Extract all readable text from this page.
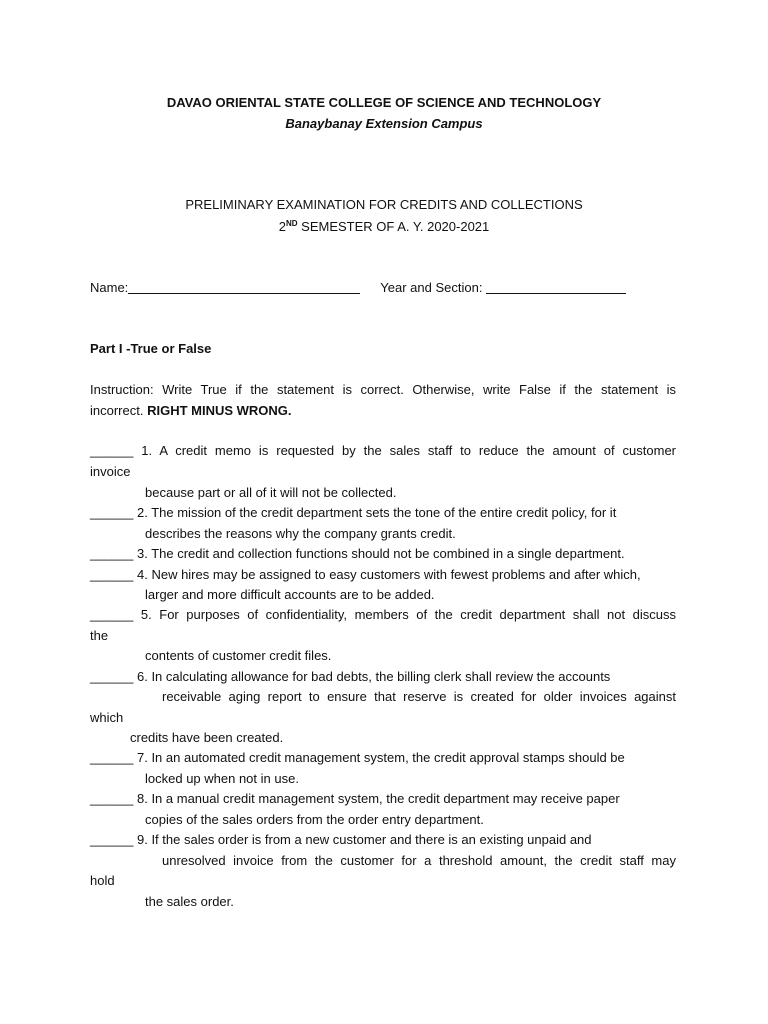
DAVAO ORIENTAL STATE COLLEGE OF SCIENCE AND TECHNOLOGY
Banaybanay Extension Campus
PRELIMINARY EXAMINATION FOR CREDITS AND COLLECTIONS
2ND SEMESTER OF A. Y. 2020-2021
Name:	Year and Section:
Part I -True or False
Instruction: Write True if the statement is correct. Otherwise, write False if the statement is
incorrect. RIGHT MINUS WRONG.
______ 1. A credit memo is requested by the sales staff to reduce the amount of customer
invoice
because part or all of it will not be collected.
______ 2. The mission of the credit department sets the tone of the entire credit policy, for it
describes the reasons why the company grants credit.
______ 3. The credit and collection functions should not be combined in a single department.
______ 4. New hires may be assigned to easy customers with fewest problems and after which,
larger and more difficult accounts are to be added.
______ 5. For purposes of confidentiality, members of the credit department shall not discuss
the
contents of customer credit files.
______ 6. In calculating allowance for bad debts, the billing clerk shall review the accounts
receivable aging report to ensure that reserve is created for older invoices against
which
credits have been created.
______ 7. In an automated credit management system, the credit approval stamps should be
locked up when not in use.
______ 8. In a manual credit management system, the credit department may receive paper
copies of the sales orders from the order entry department.
______ 9. If the sales order is from a new customer and there is an existing unpaid and
unresolved invoice from the customer for a threshold amount, the credit staff may
hold
the sales order.
